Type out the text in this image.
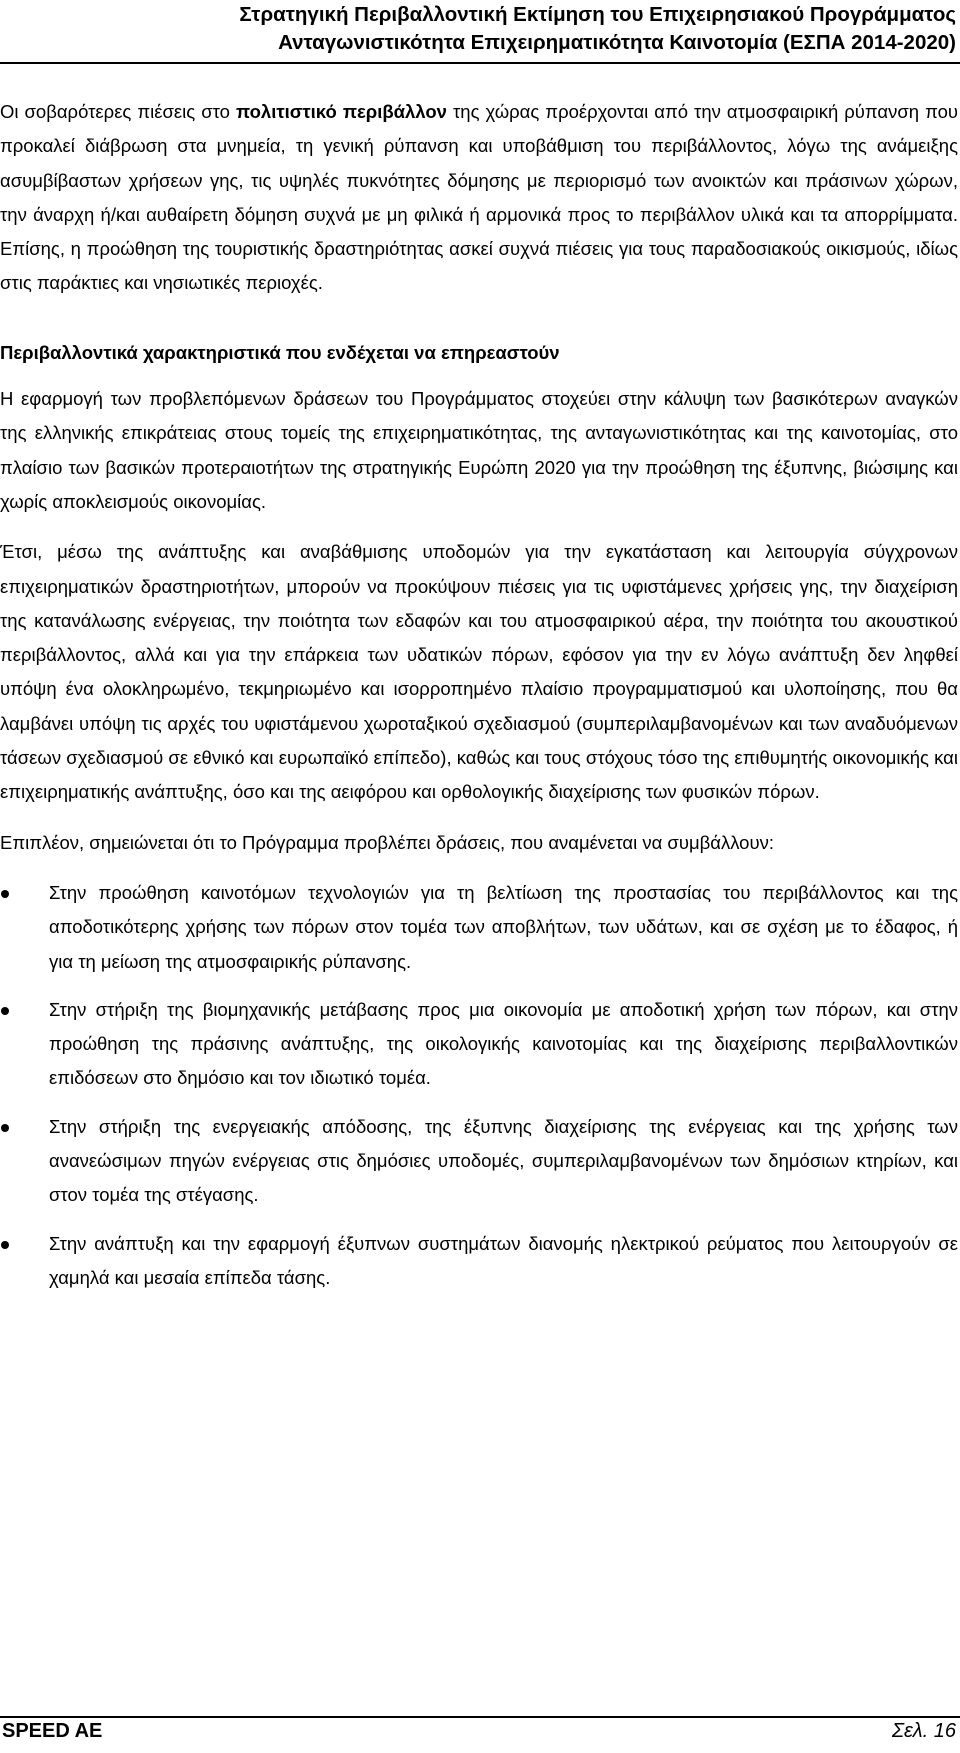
Στρατηγική Περιβαλλοντική Εκτίμηση του Επιχειρησιακού Προγράμματος
Ανταγωνιστικότητα Επιχειρηματικότητα Καινοτομία (ΕΣΠΑ 2014-2020)

Οι σοβαρότερες πιέσεις στο πολιτιστικό περιβάλλον της χώρας προέρχονται από την ατμοσφαιρική ρύπανση που προκαλεί διάβρωση στα μνημεία, τη γενική ρύπανση και υποβάθμιση του περιβάλλοντος, λόγω της ανάμειξης ασυμβίβαστων χρήσεων γης, τις υψηλές πυκνότητες δόμησης με περιορισμό των ανοικτών και πράσινων χώρων, την άναρχη ή/και αυθαίρετη δόμηση συχνά με μη φιλικά ή αρμονικά προς το περιβάλλον υλικά και τα απορρίμματα. Επίσης, η προώθηση της τουριστικής δραστηριότητας ασκεί συχνά πιέσεις για τους παραδοσιακούς οικισμούς, ιδίως στις παράκτιες και νησιωτικές περιοχές.

Περιβαλλοντικά χαρακτηριστικά που ενδέχεται να επηρεαστούν

Η εφαρμογή των προβλεπόμενων δράσεων του Προγράμματος στοχεύει στην κάλυψη των βασικότερων αναγκών της ελληνικής επικράτειας στους τομείς της επιχειρηματικότητας, της ανταγωνιστικότητας και της καινοτομίας, στο πλαίσιο των βασικών προτεραιοτήτων της στρατηγικής Ευρώπη 2020 για την προώθηση της έξυπνης, βιώσιμης και χωρίς αποκλεισμούς οικονομίας.

Έτσι, μέσω της ανάπτυξης και αναβάθμισης υποδομών για την εγκατάσταση και λειτουργία σύγχρονων επιχειρηματικών δραστηριοτήτων, μπορούν να προκύψουν πιέσεις για τις υφιστάμενες χρήσεις γης, την διαχείριση της κατανάλωσης ενέργειας, την ποιότητα των εδαφών και του ατμοσφαιρικού αέρα, την ποιότητα του ακουστικού περιβάλλοντος, αλλά και για την επάρκεια των υδατικών πόρων, εφόσον για την εν λόγω ανάπτυξη δεν ληφθεί υπόψη ένα ολοκληρωμένο, τεκμηριωμένο και ισορροπημένο πλαίσιο προγραμματισμού και υλοποίησης, που θα λαμβάνει υπόψη τις αρχές του υφιστάμενου χωροταξικού σχεδιασμού (συμπεριλαμβανομένων και των αναδυόμενων τάσεων σχεδιασμού σε εθνικό και ευρωπαϊκό επίπεδο), καθώς και τους στόχους τόσο της επιθυμητής οικονομικής και επιχειρηματικής ανάπτυξης, όσο και της αειφόρου και ορθολογικής διαχείρισης των φυσικών πόρων.

Επιπλέον, σημειώνεται ότι το Πρόγραμμα προβλέπει δράσεις, που αναμένεται να συμβάλλουν:

Στην προώθηση καινοτόμων τεχνολογιών για τη βελτίωση της προστασίας του περιβάλλοντος και της αποδοτικότερης χρήσης των πόρων στον τομέα των αποβλήτων, των υδάτων, και σε σχέση με το έδαφος, ή για τη μείωση της ατμοσφαιρικής ρύπανσης.
Στην στήριξη της βιομηχανικής μετάβασης προς μια οικονομία με αποδοτική χρήση των πόρων, και στην προώθηση της πράσινης ανάπτυξης, της οικολογικής καινοτομίας και της διαχείρισης περιβαλλοντικών επιδόσεων στο δημόσιο και τον ιδιωτικό τομέα.
Στην στήριξη της ενεργειακής απόδοσης, της έξυπνης διαχείρισης της ενέργειας και της χρήσης των ανανεώσιμων πηγών ενέργειας στις δημόσιες υποδομές, συμπεριλαμβανομένων των δημόσιων κτηρίων, και στον τομέα της στέγασης.
Στην ανάπτυξη και την εφαρμογή έξυπνων συστημάτων διανομής ηλεκτρικού ρεύματος που λειτουργούν σε χαμηλά και μεσαία επίπεδα τάσης.
SPEED AE	Σελ. 16
